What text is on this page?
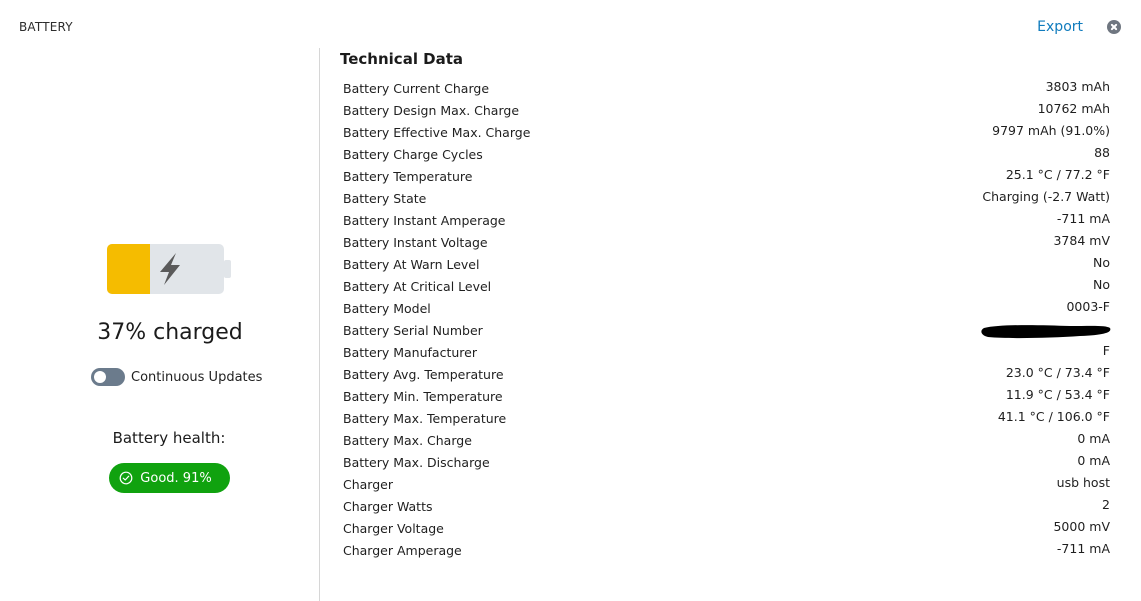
BATTERY	Export
37% charged
Continuous Updates
Battery health:
Good. 91%
Technical Data
Battery Current Charge	3803 mAh
Battery Design Max. Charge	10762 mAh
Battery Effective Max. Charge	9797 mAh (91.0%)
Battery Charge Cycles	88
Battery Temperature	25.1 °C / 77.2 °F
Battery State	Charging (-2.7 Watt)
Battery Instant Amperage	-711 mA
Battery Instant Voltage	3784 mV
Battery At Warn Level	No
Battery At Critical Level	No
Battery Model	0003-F
Battery Serial Number
Battery Manufacturer	F
Battery Avg. Temperature	23.0 °C / 73.4 °F
Battery Min. Temperature	11.9 °C / 53.4 °F
Battery Max. Temperature	41.1 °C / 106.0 °F
Battery Max. Charge	0 mA
Battery Max. Discharge	0 mA
Charger	usb host
Charger Watts	2
Charger Voltage	5000 mV
Charger Amperage	-711 mA
